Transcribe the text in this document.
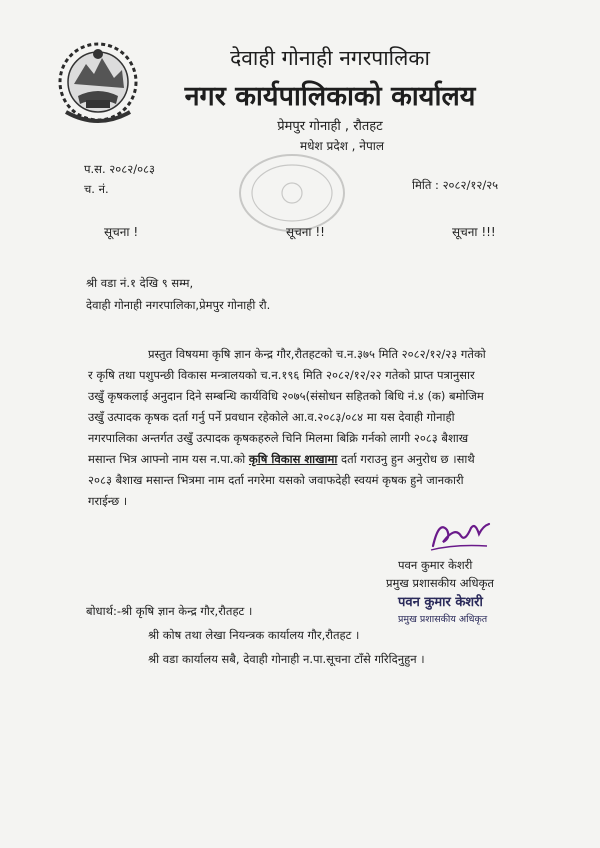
देवाही गोनाही नगरपालिका
नगर कार्यपालिकाको कार्यालय
प्रेमपुर गोनाही , रौतहट
मधेश प्रदेश , नेपाल
प.स. २०८२/०८३
च. नं.	मिति : २०८२/१२/२५
सूचना !	सूचना !!	सूचना !!!
श्री वडा नं.१ देखि ९ सम्म,
देवाही गोनाही नगरपालिका,प्रेमपुर गोनाही रौ.
प्रस्तुत विषयमा कृषि ज्ञान केन्द्र गौर,रौतहटको च.न.३७५ मिति २०८२/१२/२३ गतेको
र कृषि तथा पशुपन्छी विकास मन्त्रालयको च.न.१९६ मिति २०८२/१२/२२ गतेको प्राप्त पत्रानुसार
उखुँ कृषकलाई अनुदान दिने सम्बन्धि कार्यविधि २०७५(संसोधन सहितको बिधि नं.४ (क) बमोजिम
उखुँ उत्पादक कृषक दर्ता गर्नु पर्ने प्रवधान रहेकोले आ.व.२०८३/०८४ मा यस देवाही गोनाही
नगरपालिका अन्तर्गत उखुँ उत्पादक कृषकहरुले चिनि मिलमा बिक्रि गर्नको लागी २०८३ बैशाख
मसान्त भित्र आफ्नो नाम यस न.पा.को कृषि विकास शाखामा दर्ता गराउनु हुन अनुरोध छ ।साथै
२०८३ बैशाख मसान्त भित्रमा नाम दर्ता नगरेमा यसको जवाफदेही स्वयमं कृषक हुने जानकारी
गराईन्छ ।
पवन कुमार केशरी
प्रमुख प्रशासकीय अधिकृत
पवन कुमार केशरी
प्रमुख प्रशासकीय अधिकृत
बोधार्थ:-श्री कृषि ज्ञान केन्द्र गौर,रौतहट ।
श्री कोष तथा लेखा नियन्त्रक कार्यालय गौर,रौतहट ।
श्री वडा कार्यालय सबै, देवाही गोनाही न.पा.सूचना टाँसे गरिदिनुहुन ।
